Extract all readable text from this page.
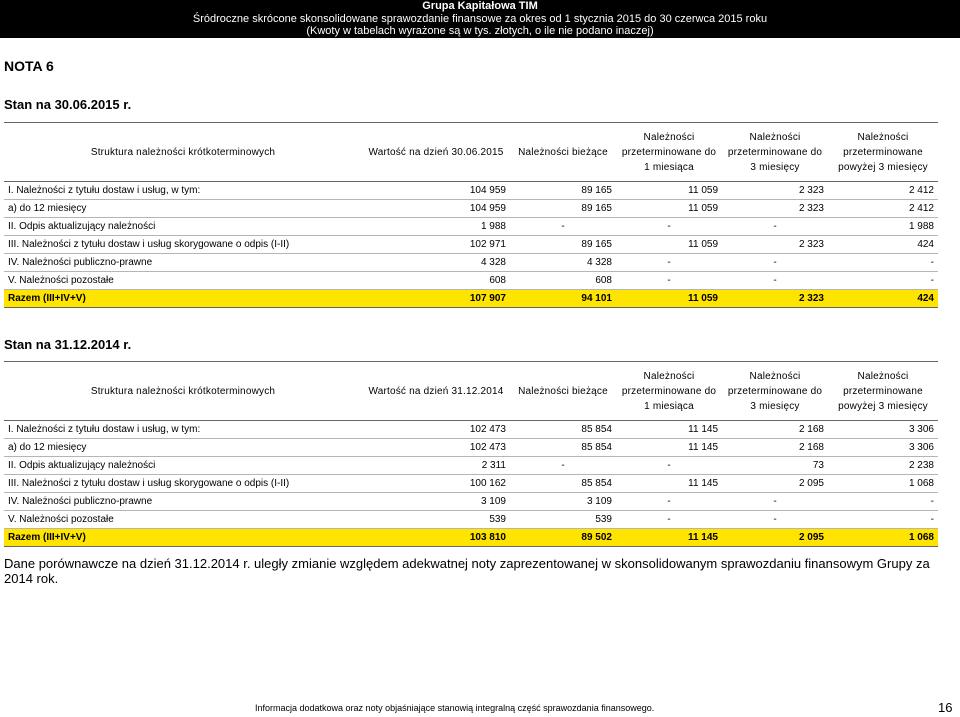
Grupa Kapitałowa TIM
Śródroczne skrócone skonsolidowane sprawozdanie finansowe za okres od 1 stycznia 2015 do 30 czerwca 2015 roku
(Kwoty w tabelach wyrażone są w tys. złotych, o ile nie podano inaczej)
NOTA 6
Stan na 30.06.2015 r.
Struktura należności krótkoterminowych	Wartość na dzień 30.06.2015	Należności bieżące	Należności przeterminowane do 1 miesiąca	Należności przeterminowane do 3 miesięcy	Należności przeterminowane powyżej 3 miesięcy
I. Należności z tytułu dostaw i usług, w tym:	104 959	89 165	11 059	2 323	2 412
a) do 12 miesięcy	104 959	89 165	11 059	2 323	2 412
II. Odpis aktualizujący należności	1 988	-	-	-	1 988
III. Należności z tytułu dostaw i usług skorygowane o odpis (I-II)	102 971	89 165	11 059	2 323	424
IV. Należności publiczno-prawne	4 328	4 328	-	-	-
V. Należności pozostałe	608	608	-	-	-
Razem (III+IV+V)	107 907	94 101	11 059	2 323	424
Stan na 31.12.2014 r.
Struktura należności krótkoterminowych	Wartość na dzień 31.12.2014	Należności bieżące	Należności przeterminowane do 1 miesiąca	Należności przeterminowane do 3 miesięcy	Należności przeterminowane powyżej 3 miesięcy
I. Należności z tytułu dostaw i usług, w tym:	102 473	85 854	11 145	2 168	3 306
a) do 12 miesięcy	102 473	85 854	11 145	2 168	3 306
II. Odpis aktualizujący należności	2 311	-	-	73	2 238
III. Należności z tytułu dostaw i usług skorygowane o odpis (I-II)	100 162	85 854	11 145	2 095	1 068
IV. Należności publiczno-prawne	3 109	3 109	-	-	-
V. Należności pozostałe	539	539	-	-	-
Razem (III+IV+V)	103 810	89 502	11 145	2 095	1 068
Dane porównawcze na dzień 31.12.2014 r. uległy zmianie względem adekwatnej noty zaprezentowanej w skonsolidowanym sprawozdaniu finansowym Grupy za 2014 rok.
Informacja dodatkowa oraz noty objaśniające stanowią integralną część sprawozdania finansowego.	16
